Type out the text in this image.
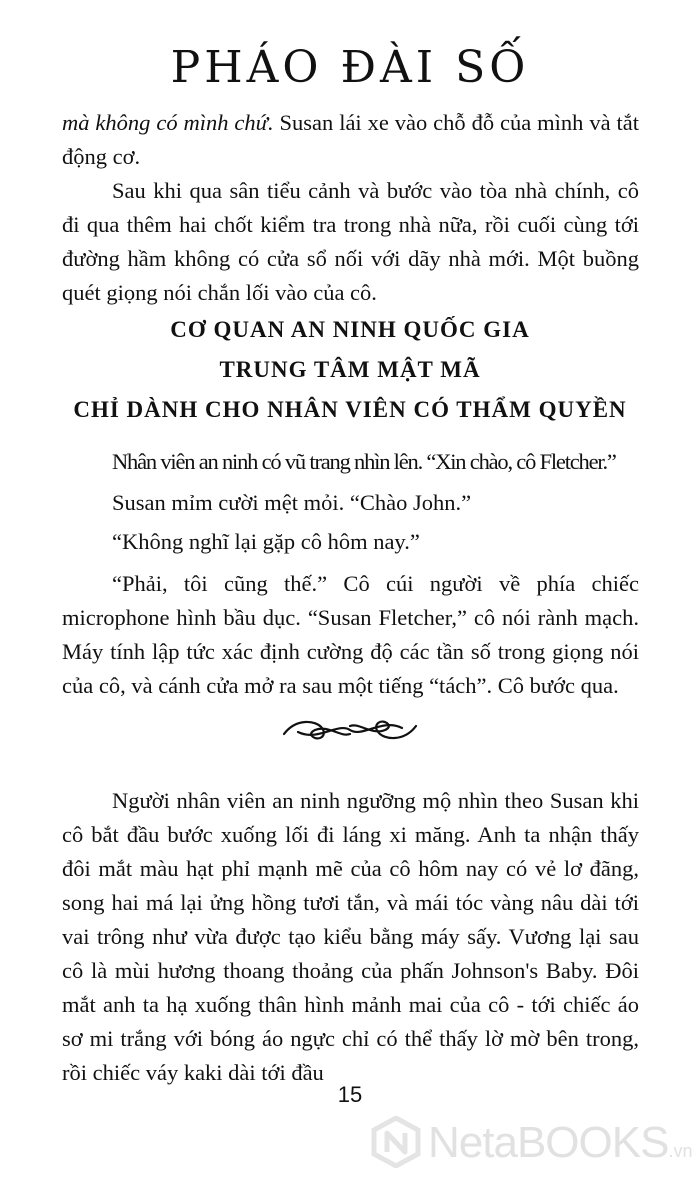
PHÁO ĐÀI SỐ

mà không có mình chứ. Susan lái xe vào chỗ đỗ của mình và tắt động cơ.

Sau khi qua sân tiểu cảnh và bước vào tòa nhà chính, cô đi qua thêm hai chốt kiểm tra trong nhà nữa, rồi cuối cùng tới đường hầm không có cửa sổ nối với dãy nhà mới. Một buồng quét giọng nói chắn lối vào của cô.

CƠ QUAN AN NINH QUỐC GIA
TRUNG TÂM MẬT MÃ
CHỈ DÀNH CHO NHÂN VIÊN CÓ THẨM QUYỀN
Nhân viên an ninh có vũ trang nhìn lên. “Xin chào, cô Fletcher.”
Susan mỉm cười mệt mỏi. “Chào John.”
“Không nghĩ lại gặp cô hôm nay.”

“Phải, tôi cũng thế.” Cô cúi người về phía chiếc microphone hình bầu dục. “Susan Fletcher,” cô nói rành mạch. Máy tính lập tức xác định cường độ các tần số trong giọng nói của cô, và cánh cửa mở ra sau một tiếng “tách”. Cô bước qua.

Người nhân viên an ninh ngưỡng mộ nhìn theo Susan khi cô bắt đầu bước xuống lối đi láng xi măng. Anh ta nhận thấy đôi mắt màu hạt phỉ mạnh mẽ của cô hôm nay có vẻ lơ đãng, song hai má lại ửng hồng tươi tắn, và mái tóc vàng nâu dài tới vai trông như vừa được tạo kiểu bằng máy sấy. Vương lại sau cô là mùi hương thoang thoảng của phấn Johnson's Baby. Đôi mắt anh ta hạ xuống thân hình mảnh mai của cô - tới chiếc áo sơ mi trắng với bóng áo ngực chỉ có thể thấy lờ mờ bên trong, rồi chiếc váy kaki dài tới đầu

15
NetaBOOKS.vn
